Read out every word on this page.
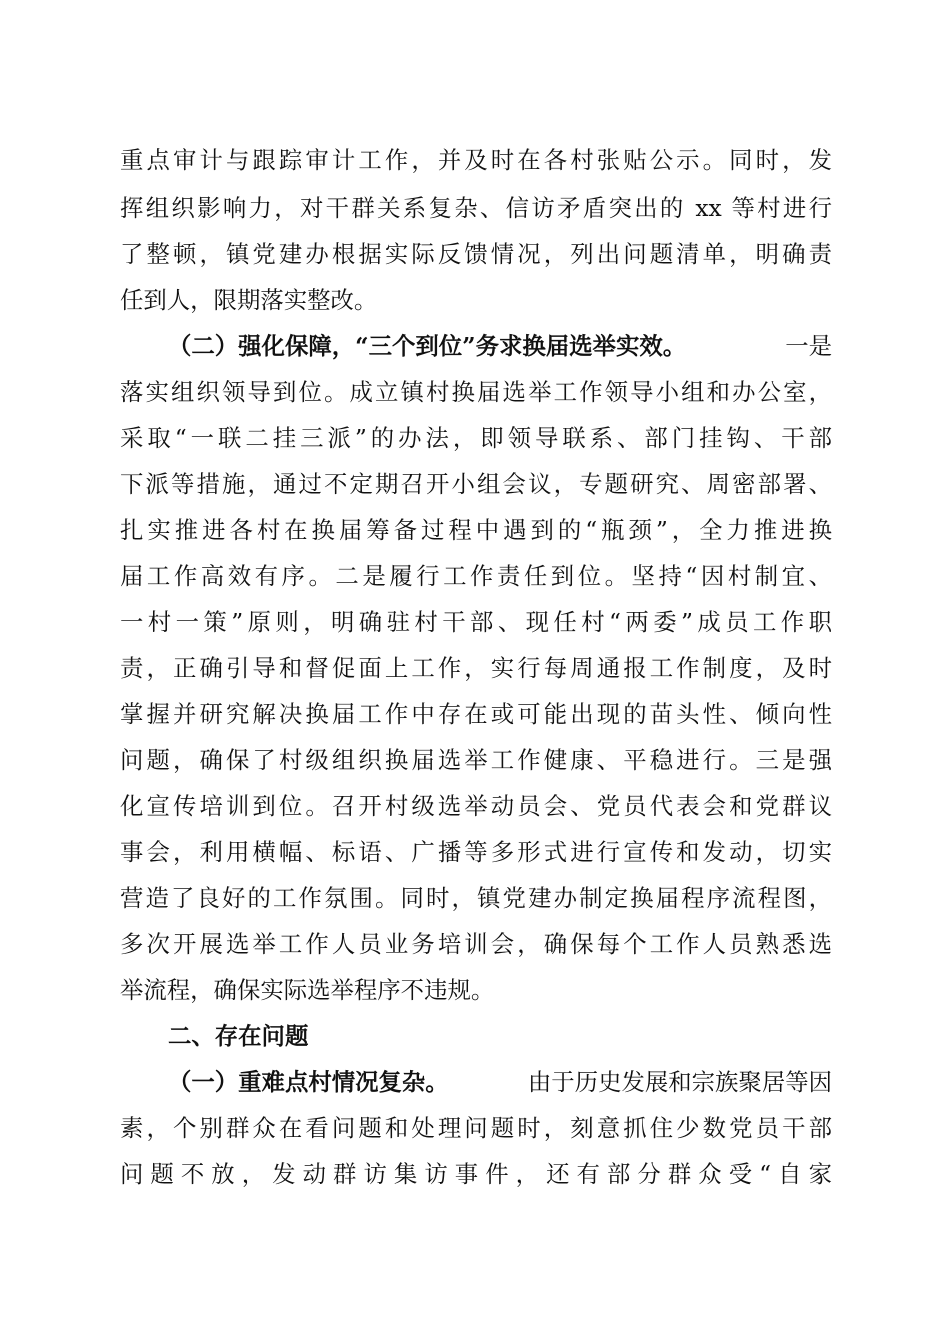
重点审计与跟踪审计工作，并及时在各村张贴公示。同时，发
挥组织影响力，对干群关系复杂、信访矛盾突出的 xx 等村进行
了整顿，镇党建办根据实际反馈情况，列出问题清单，明确责
任到人，限期落实整改。
（二）强化保障，“三个到位”务求换届选举实效。	一是
落实组织领导到位。成立镇村换届选举工作领导小组和办公室，
采取“一联二挂三派”的办法，即领导联系、部门挂钩、干部
下派等措施，通过不定期召开小组会议，专题研究、周密部署、
扎实推进各村在换届筹备过程中遇到的“瓶颈”，全力推进换
届工作高效有序。二是履行工作责任到位。坚持“因村制宜、
一村一策”原则，明确驻村干部、现任村“两委”成员工作职
责，正确引导和督促面上工作，实行每周通报工作制度，及时
掌握并研究解决换届工作中存在或可能出现的苗头性、倾向性
问题，确保了村级组织换届选举工作健康、平稳进行。三是强
化宣传培训到位。召开村级选举动员会、党员代表会和党群议
事会，利用横幅、标语、广播等多形式进行宣传和发动，切实
营造了良好的工作氛围。同时，镇党建办制定换届程序流程图，
多次开展选举工作人员业务培训会，确保每个工作人员熟悉选
举流程，确保实际选举程序不违规。
二、存在问题
（一）重难点村情况复杂。	由于历史发展和宗族聚居等因
素，个别群众在看问题和处理问题时，刻意抓住少数党员干部
问题不放，发动群访集访事件，还有部分群众受“自家
